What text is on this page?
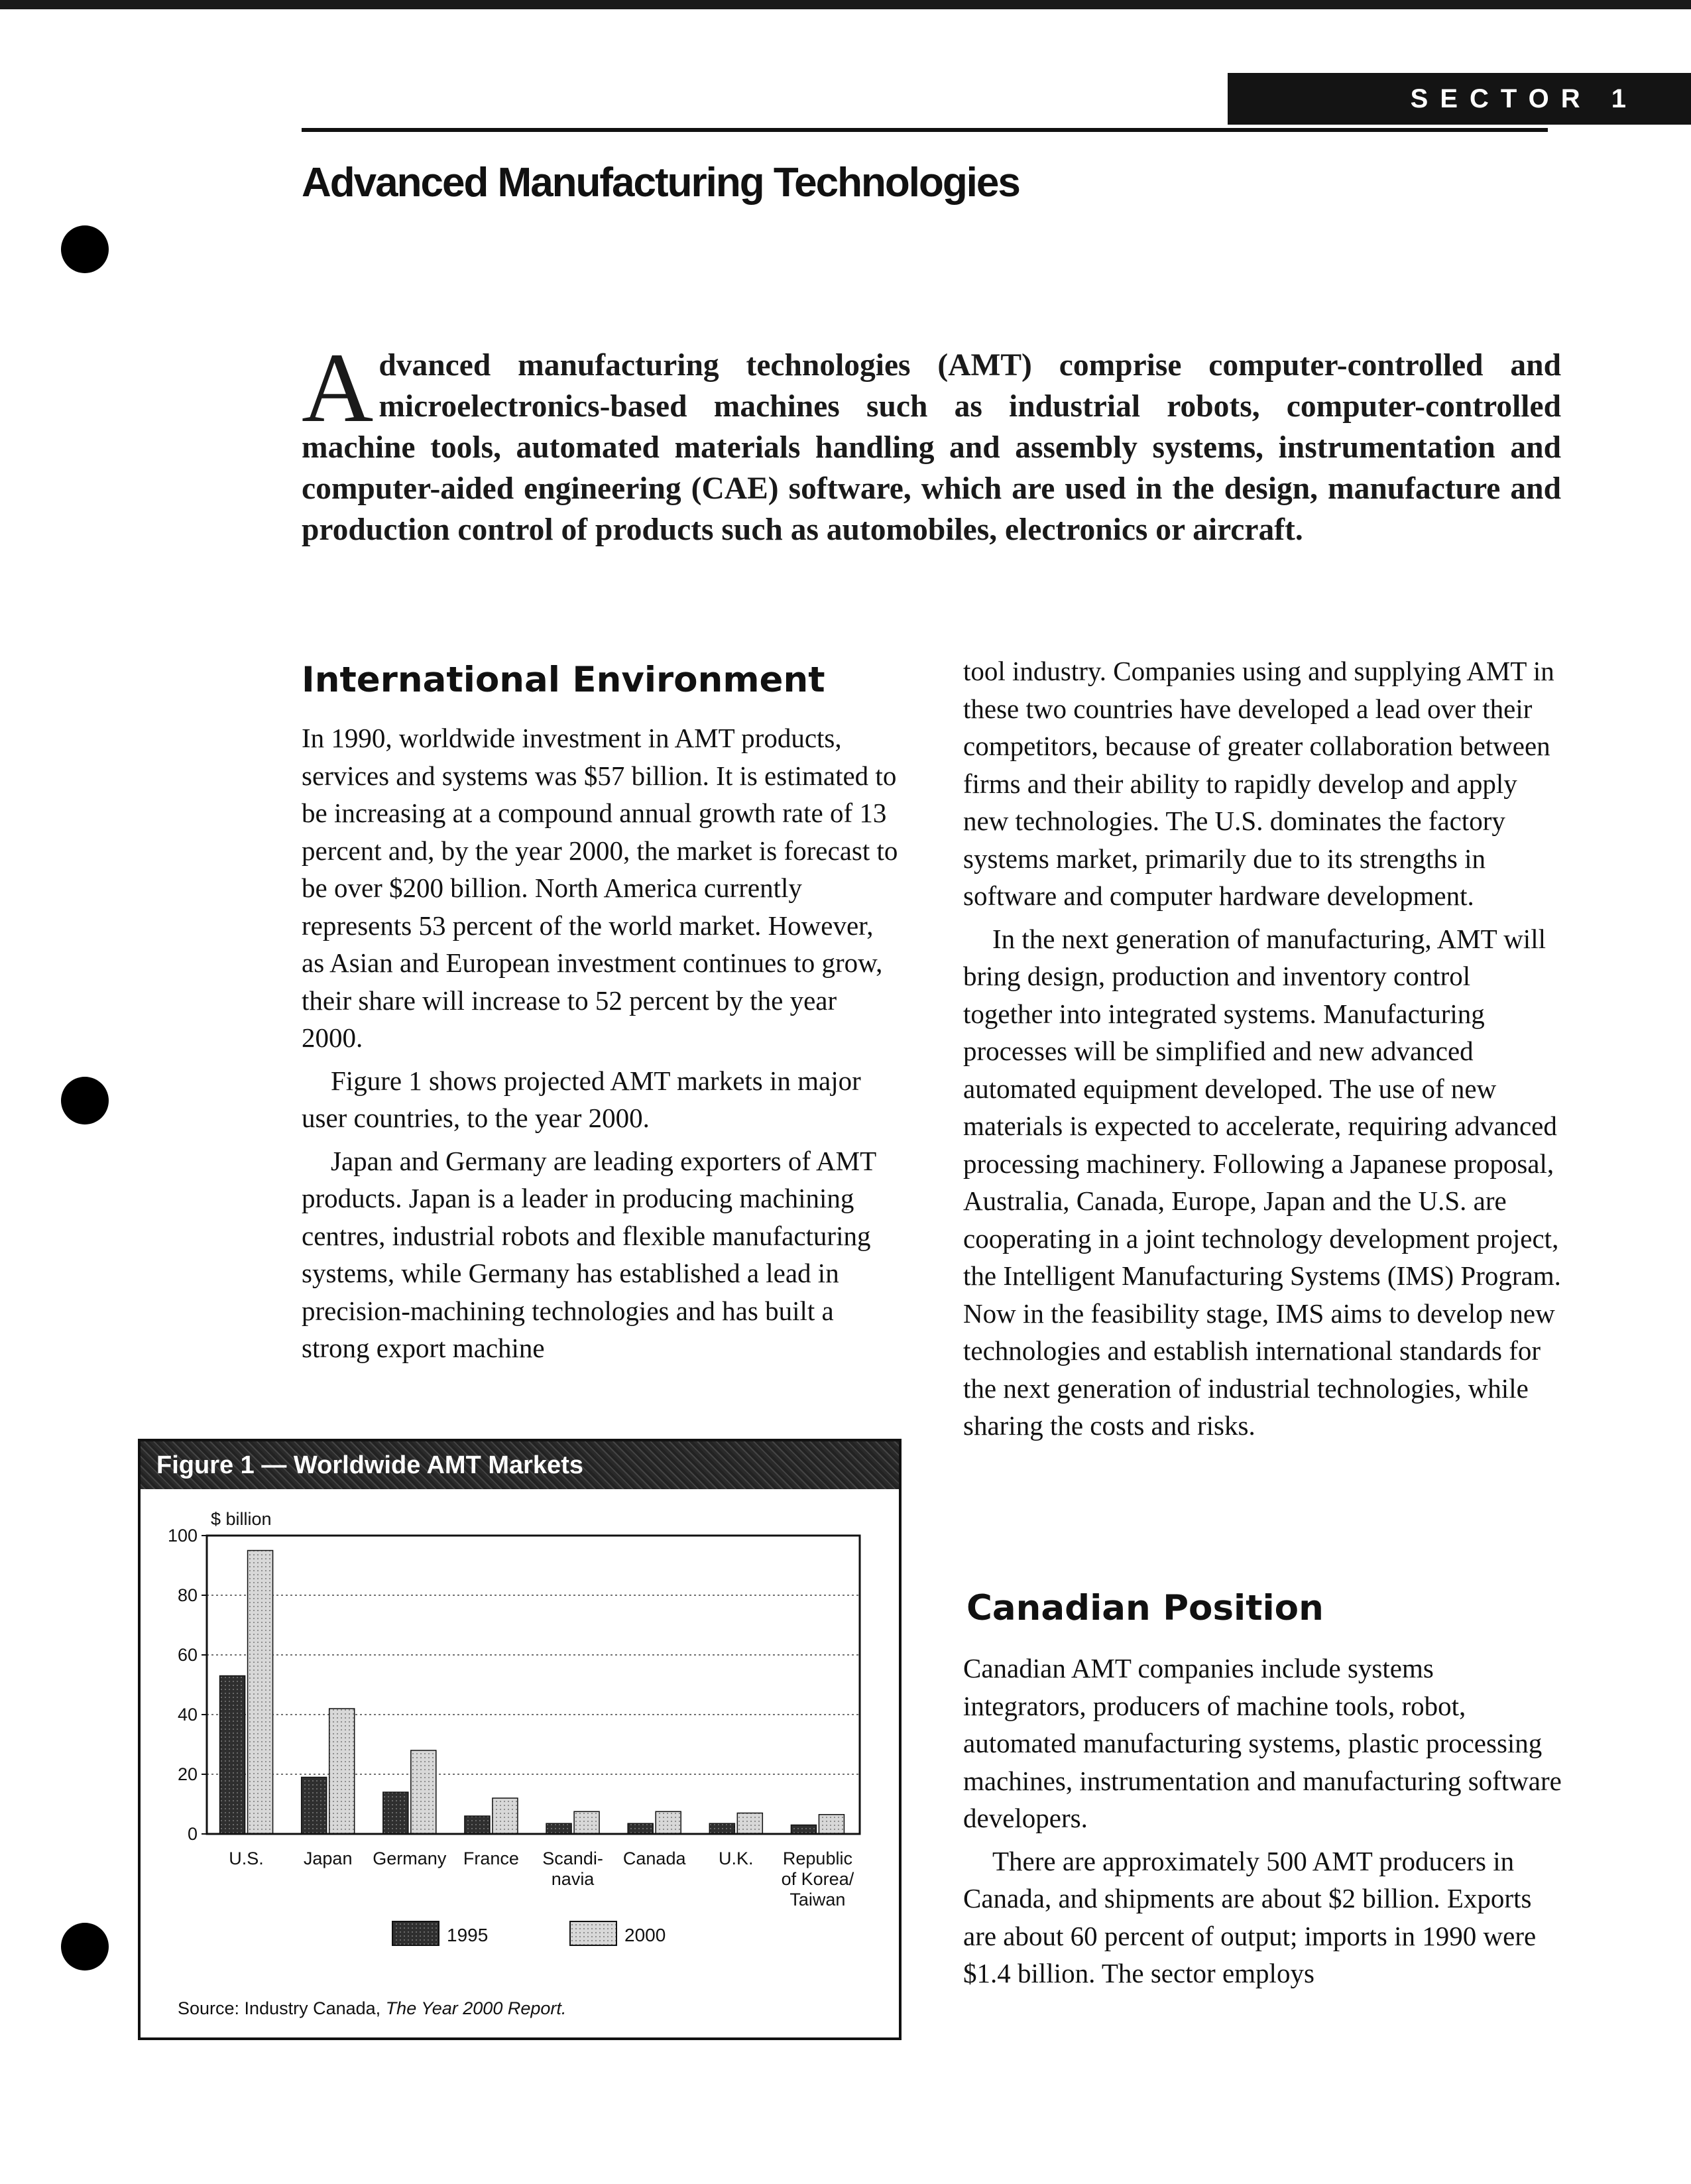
SECTOR 1
Advanced Manufacturing Technologies
Advanced manufacturing technologies (AMT) comprise computer-controlled and microelectronics-based machines such as industrial robots, computer-controlled machine tools, automated materials handling and assembly systems, instrumentation and computer-aided engineering (CAE) software, which are used in the design, manufacture and production control of products such as automobiles, electronics or aircraft.
International Environment

In 1990, worldwide investment in AMT products, services and systems was $57 billion. It is estimated to be increasing at a compound annual growth rate of 13 percent and, by the year 2000, the market is forecast to be over $200 billion. North America currently represents 53 percent of the world market. However, as Asian and European investment continues to grow, their share will increase to 52 percent by the year 2000.

Figure 1 shows projected AMT markets in major user countries, to the year 2000.

Japan and Germany are leading exporters of AMT products. Japan is a leader in producing machining centres, industrial robots and flexible manufacturing systems, while Germany has established a lead in precision-machining technologies and has built a strong export machine

tool industry. Companies using and supplying AMT in these two countries have developed a lead over their competitors, because of greater collaboration between firms and their ability to rapidly develop and apply new technologies. The U.S. dominates the factory systems market, primarily due to its strengths in software and computer hardware development.

In the next generation of manufacturing, AMT will bring design, production and inventory control together into integrated systems. Manufacturing processes will be simplified and new advanced automated equipment developed. The use of new materials is expected to accelerate, requiring advanced processing machinery. Following a Japanese proposal, Australia, Canada, Europe, Japan and the U.S. are cooperating in a joint technology development project, the Intelligent Manufacturing Systems (IMS) Program. Now in the feasibility stage, IMS aims to develop new technologies and establish international standards for the next generation of industrial technologies, while sharing the costs and risks.

Canadian Position

Canadian AMT companies include systems integrators, producers of machine tools, robot, automated manufacturing systems, plastic processing machines, instrumentation and manufacturing software developers.

There are approximately 500 AMT producers in Canada, and shipments are about $2 billion. Exports are about 60 percent of output; imports in 1990 were $1.4 billion. The sector employs

Figure 1 — Worldwide AMT Markets
0
20
40
60
80
100
$ billion
U.S. Japan Germany France Scandi-navia
Canada U.K. Republic of Korea/ Taiwan
1995	2000
Source: Industry Canada, The Year 2000 Report.
